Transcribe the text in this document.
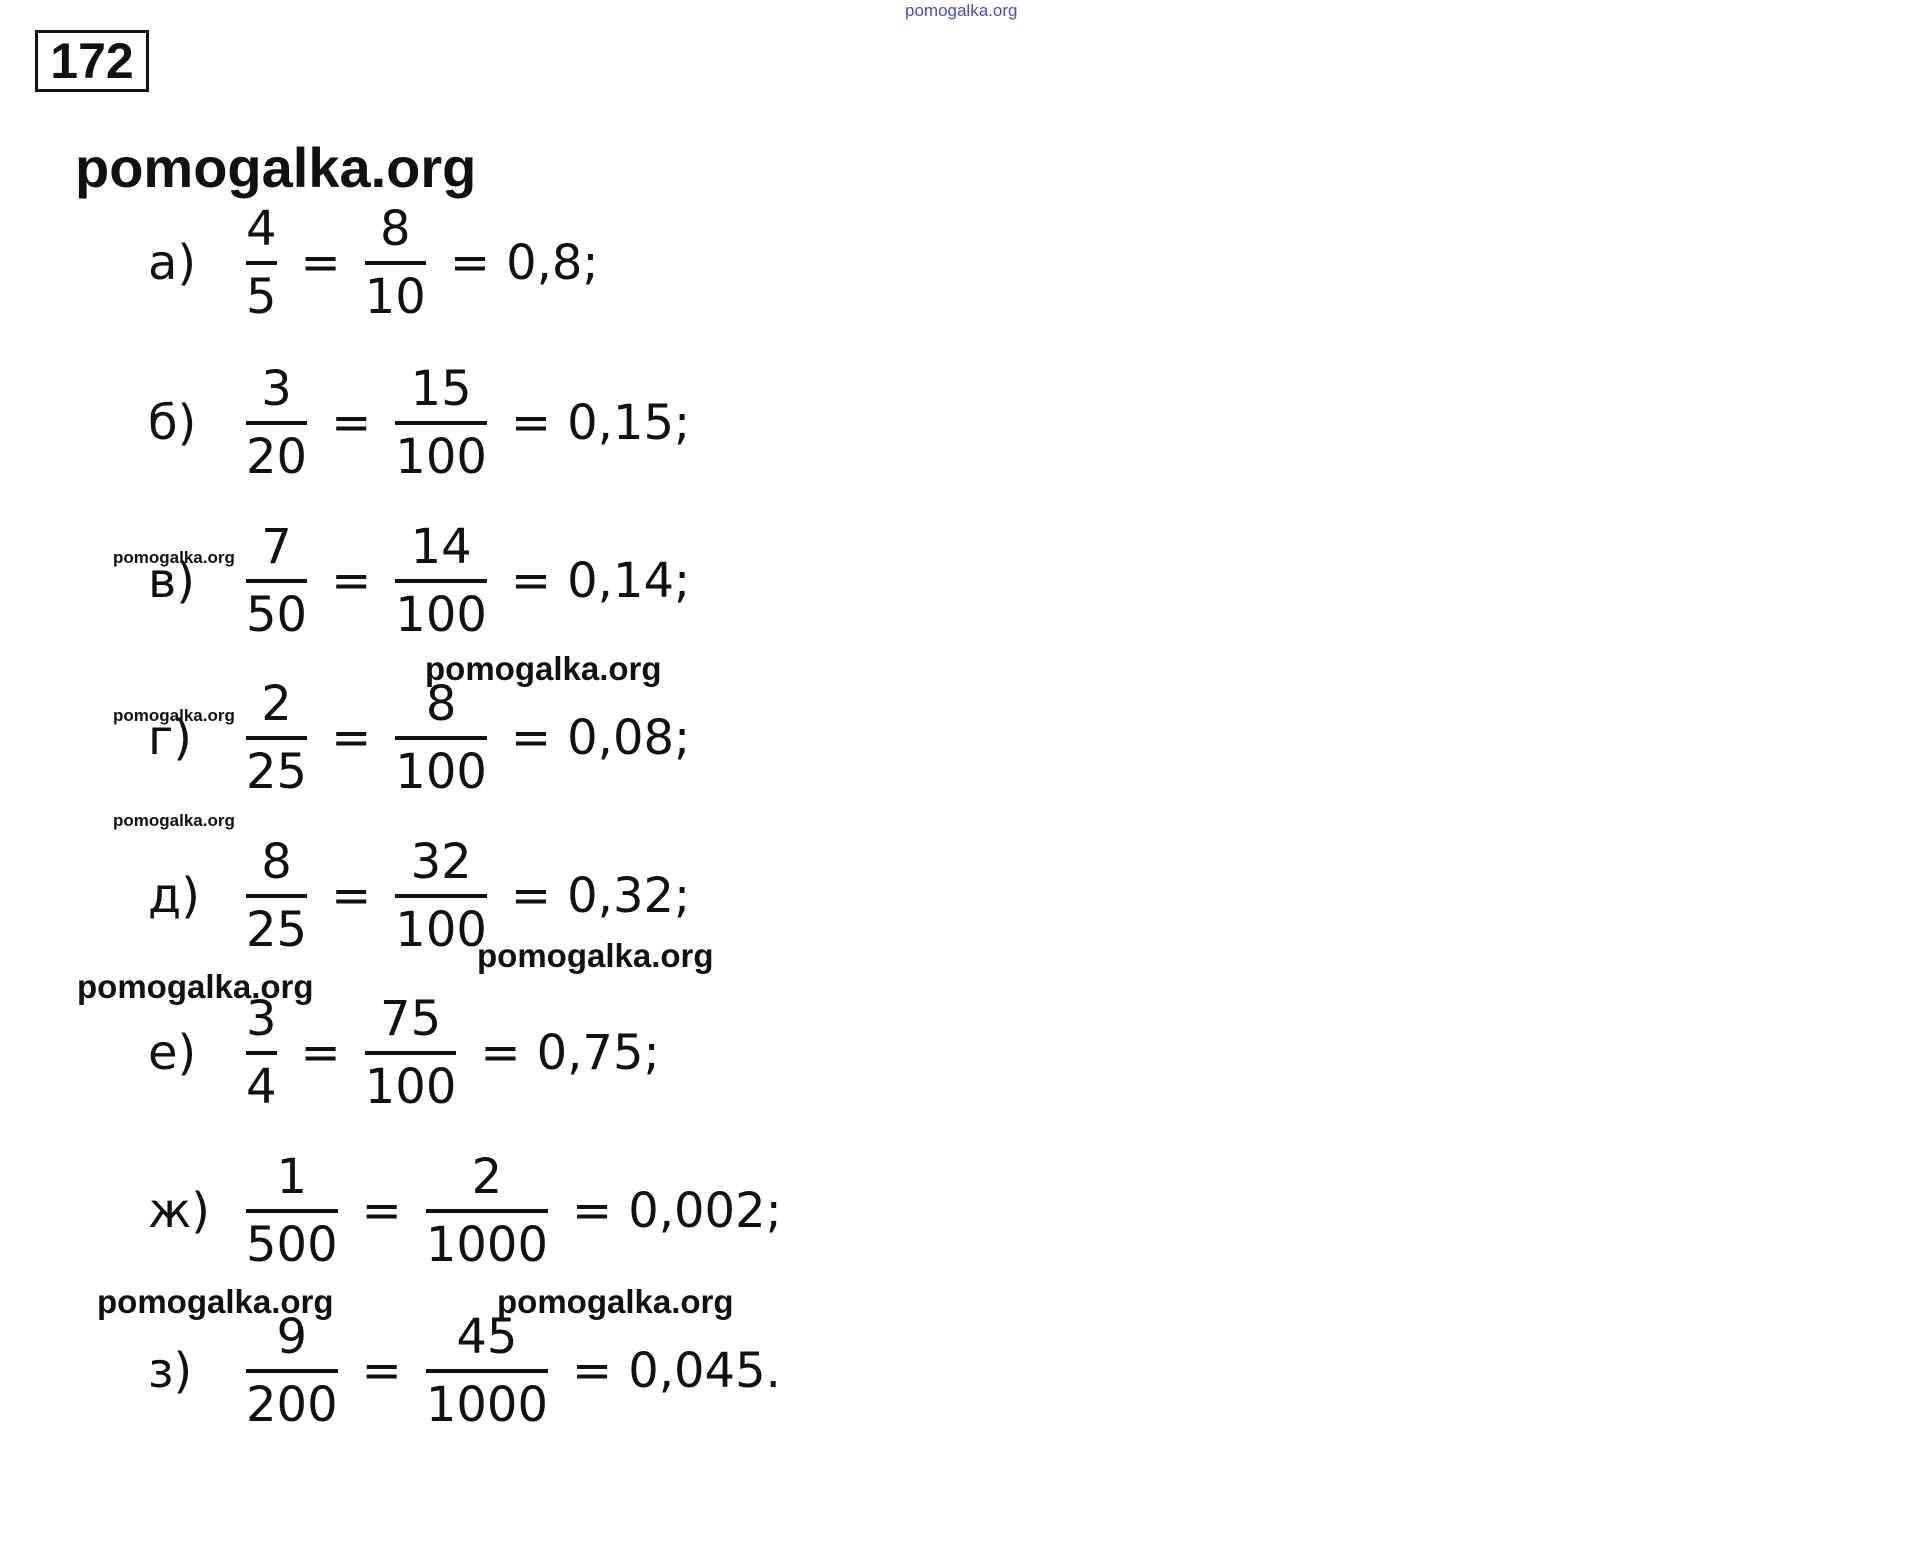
pomogalka.org
172
pomogalka.org
$а) \frac{4}{5} = \frac{8}{10} = 0,8$;
$б) \frac{3}{20} = \frac{15}{100} = 0,15$;
$в) \frac{7}{50} = \frac{14}{100} = 0,14$;
г)	$\frac{2}{25} = \frac{8}{100} = 0,08$;
$д) \frac{8}{25} = \frac{32}{100} = 0,32$;
$е) \frac{3}{4} = \frac{75}{100} = 0,75$;
$ж) \frac{1}{500} = \frac{2}{1000} = 0,002$;
$з) \frac{9}{200} = \frac{45}{1000} = 0,045$.
pomogalka.org
pomogalka.org
pomogalka.org
pomogalka.org
pomogalka.org
pomogalka.org
pomogalka.org	pomogalka.org
